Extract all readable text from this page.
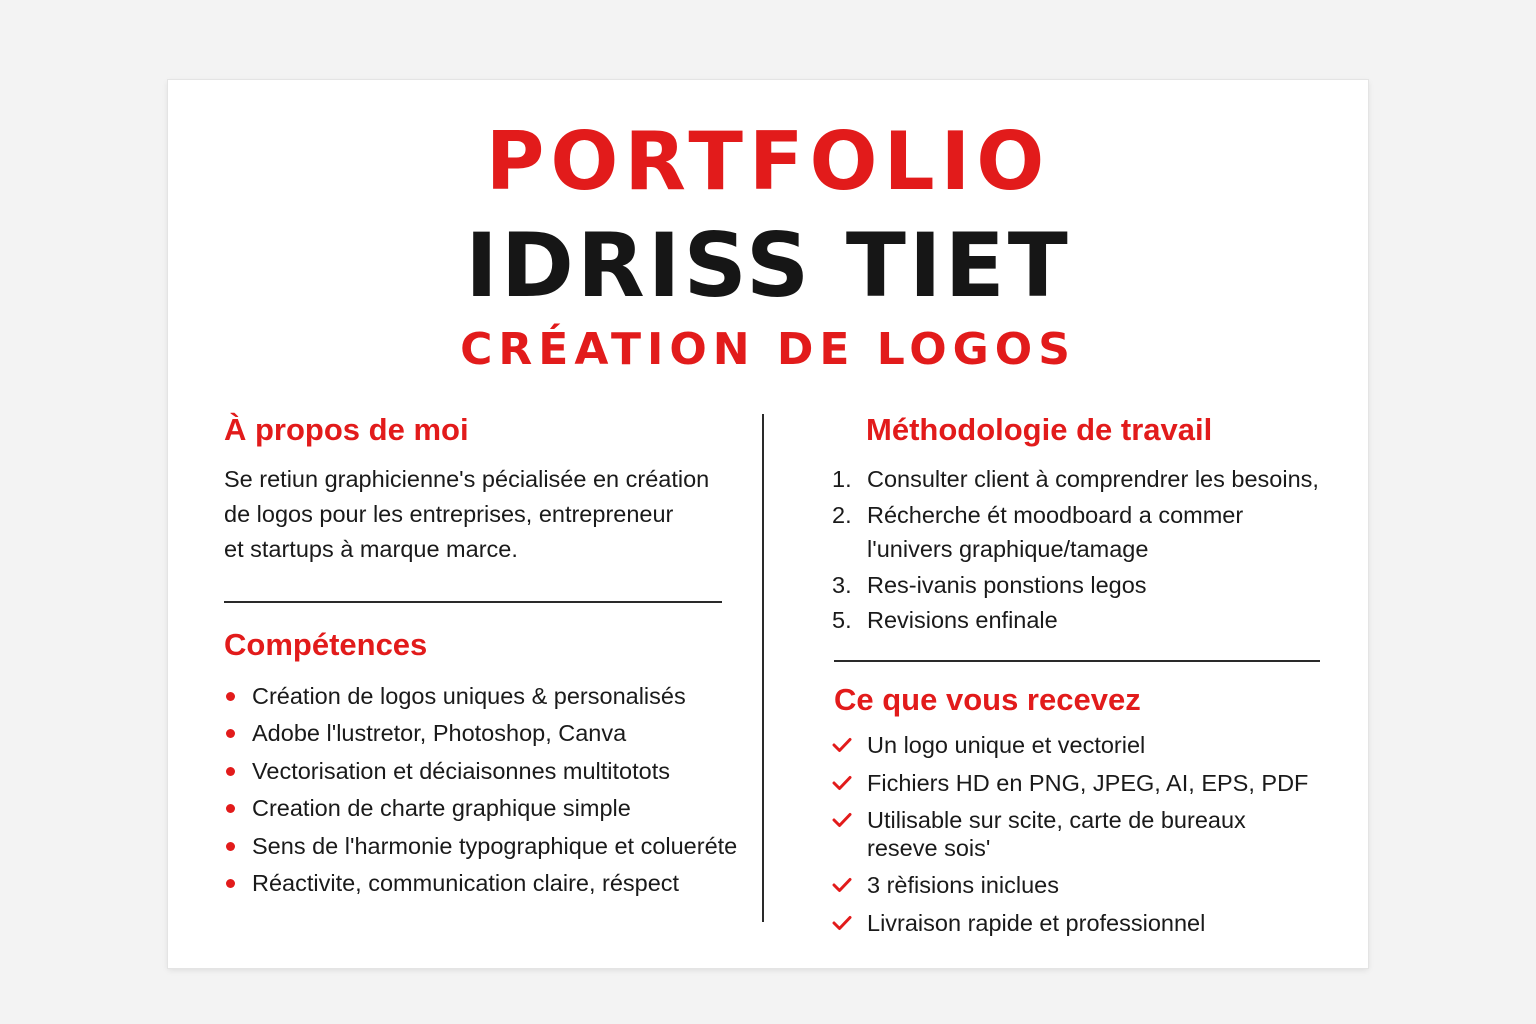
PORTFOLIO
IDRISS TIET
CRÉATION DE LOGOS
À propos de moi

Se retiun graphicienne's pécialisée en création
de logos pour les entreprises, entrepreneur
et startups à marque marce.

Compétences
Création de logos uniques & personalisés
Adobe l'lustretor, Photoshop, Canva
Vectorisation et déciaisonnes multitotots
Creation de charte graphique simple
Sens de l'harmonie typographique et colueréte
Réactivite, communication claire, réspect
Méthodologie de travail
1. Consulter client à comprendrer les besoins,
2. Récherche ét moodboard a commer l'univers graphique/tamage
3. Res-ivanis ponstions legos
5. Revisions enfinale
Ce que vous recevez
Un logo unique et vectoriel
Fichiers HD en PNG, JPEG, AI, EPS, PDF
Utilisable sur scite, carte de bureaux reseve sois'
3 rèfisions iniclues
Livraison rapide et professionnel
